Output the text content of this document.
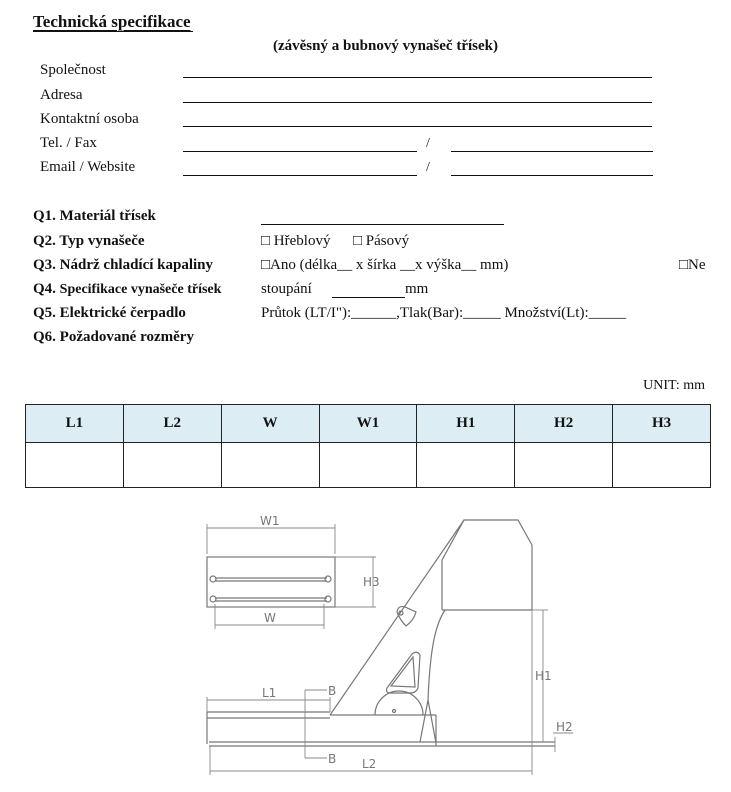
Technická specifikace
(závěsný a bubnový vynašeč třísek)
Společnost
Adresa
Kontaktní osoba
Tel. / Fax	/
Email / Website	/
Q1. Materiál třísek
Q2. Typ vynašeče	□ Hřeblový □ Pásový
Q3. Nádrž chladící kapaliny	□Ano (délka__ x šírka __x výška__ mm)	□Ne
Q4. Specifikace vynašeče třísek	stoupání	mm
Q5. Elektrické čerpadlo	Průtok (LT/I"):______,Tlak(Bar):_____ Množství(Lt):_____
Q6. Požadované rozměry
UNIT: mm
L1	L2	W	W1	H1	H2	H3

W1
W
H3
B
B
L1
L2
H1
H2
